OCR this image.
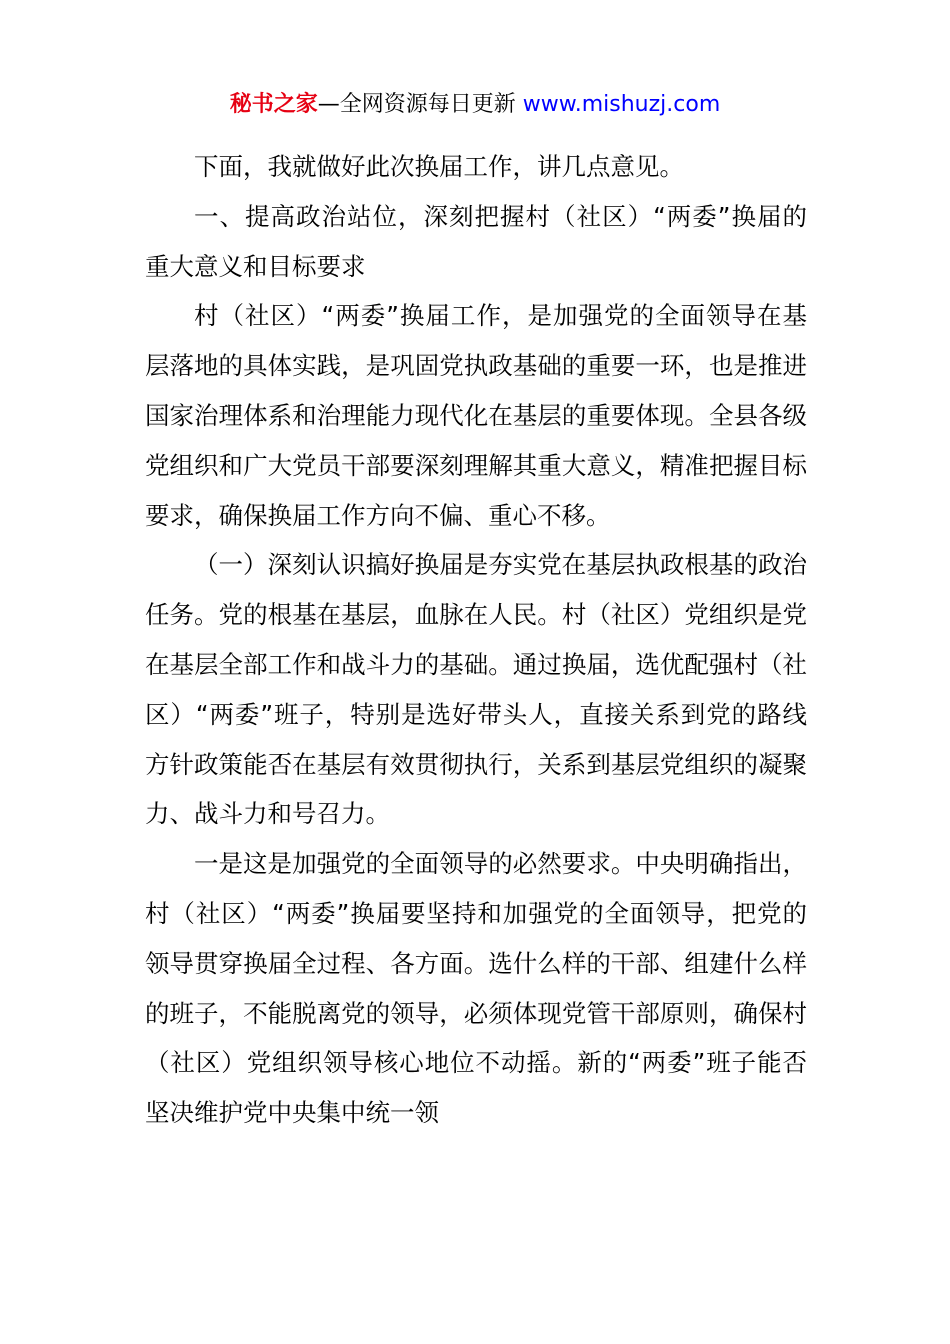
秘书之家—全网资源每日更新 www.mishuzj.com

下面，我就做好此次换届工作，讲几点意见。

一、提高政治站位，深刻把握村（社区）“两委”换届的重大意义和目标要求

村（社区）“两委”换届工作，是加强党的全面领导在基层落地的具体实践，是巩固党执政基础的重要一环，也是推进国家治理体系和治理能力现代化在基层的重要体现。全县各级党组织和广大党员干部要深刻理解其重大意义，精准把握目标要求，确保换届工作方向不偏、重心不移。

（一）深刻认识搞好换届是夯实党在基层执政根基的政治任务。党的根基在基层，血脉在人民。村（社区）党组织是党在基层全部工作和战斗力的基础。通过换届，选优配强村（社区）“两委”班子，特别是选好带头人，直接关系到党的路线方针政策能否在基层有效贯彻执行，关系到基层党组织的凝聚力、战斗力和号召力。

一是这是加强党的全面领导的必然要求。中央明确指出，村（社区）“两委”换届要坚持和加强党的全面领导，把党的领导贯穿换届全过程、各方面。选什么样的干部、组建什么样的班子，不能脱离党的领导，必须体现党管干部原则，确保村（社区）党组织领导核心地位不动摇。新的“两委”班子能否坚决维护党中央集中统一领
